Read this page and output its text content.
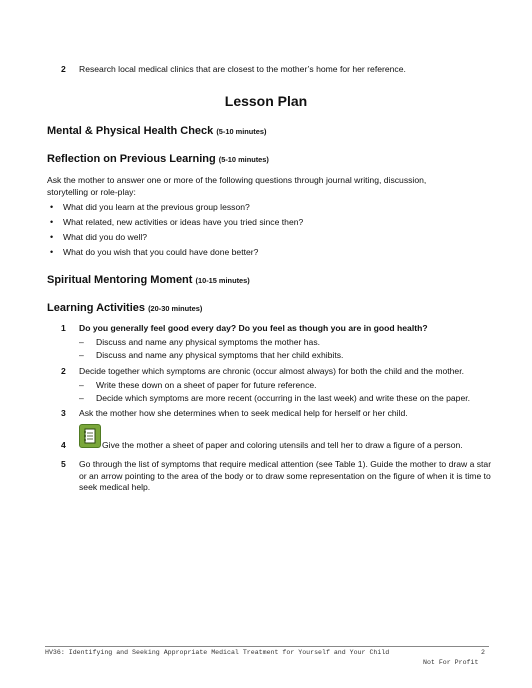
2 Research local medical clinics that are closest to the mother’s home for her reference.
Lesson Plan
Mental & Physical Health Check (5-10 minutes)
Reflection on Previous Learning (5-10 minutes)
Ask the mother to answer one or more of the following questions through journal writing, discussion, storytelling or role-play:
• What did you learn at the previous group lesson?
• What related, new activities or ideas have you tried since then?
• What did you do well?
• What do you wish that you could have done better?
Spiritual Mentoring Moment (10-15 minutes)
Learning Activities (20-30 minutes)
1 Do you generally feel good every day? Do you feel as though you are in good health?
– Discuss and name any physical symptoms the mother has.
– Discuss and name any physical symptoms that her child exhibits.
2 Decide together which symptoms are chronic (occur almost always) for both the child and the mother.
– Write these down on a sheet of paper for future reference.
– Decide which symptoms are more recent (occurring in the last week) and write these on the paper.
3 Ask the mother how she determines when to seek medical help for herself or her child.
4	Give the mother a sheet of paper and coloring utensils and tell her to draw a figure of a person.
5 Go through the list of symptoms that require medical attention (see Table 1). Guide the mother to draw a star or an arrow pointing to the area of the body or to draw some representation on the figure of when it is time to seek medical help.
HV36: Identifying and Seeking Appropriate Medical Treatment for Yourself and Your Child	2
Not For Profit
